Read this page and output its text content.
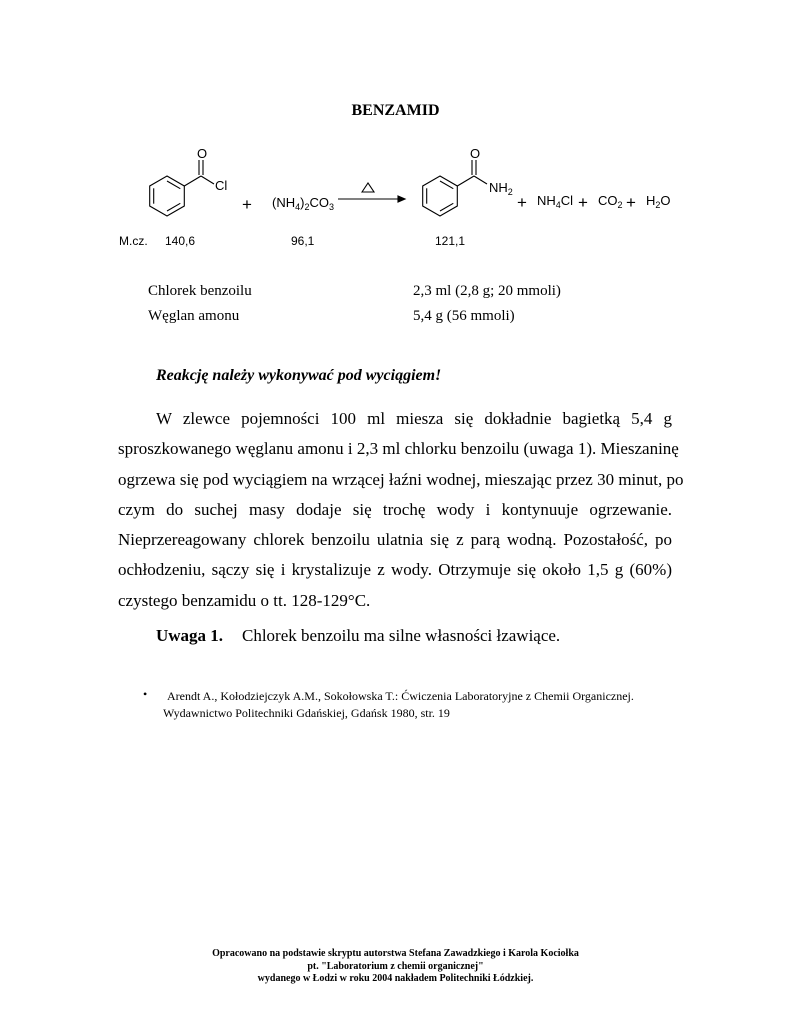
BENZAMID
O
Cl
+ $(NH_4)_2CO_3$
O
$NH_2$
+ $NH_4Cl + CO_2 + H_2O$
M.cz. 140,6	96,1	121,1
Chlorek benzoilu	2,3 ml (2,8 g; 20 mmoli)
Węglan amonu	5,4 g (56 mmoli)
Reakcję należy wykonywać pod wyciągiem!
W zlewce pojemności 100 ml miesza się dokładnie bagietką 5,4 g
sproszkowanego węglanu amonu i 2,3 ml chlorku benzoilu (uwaga 1). Mieszaninę
ogrzewa się pod wyciągiem na wrzącej łaźni wodnej, mieszając przez 30 minut, po
czym do suchej masy dodaje się trochę wody i kontynuuje ogrzewanie.
Nieprzereagowany chlorek benzoilu ulatnia się z parą wodną. Pozostałość, po
ochłodzeniu, sączy się i krystalizuje z wody. Otrzymuje się około 1,5 g (60%)
czystego benzamidu o tt. 128-129°C.
Uwaga 1. Chlorek benzoilu ma silne własności łzawiące.
•	Arendt A., Kołodziejczyk A.M., Sokołowska T.: Ćwiczenia Laboratoryjne z Chemii Organicznej.
Wydawnictwo Politechniki Gdańskiej, Gdańsk 1980, str. 19
Opracowano na podstawie skryptu autorstwa Stefana Zawadzkiego i Karola Kociołka
pt. "Laboratorium z chemii organicznej"
wydanego w Łodzi w roku 2004 nakładem Politechniki Łódzkiej.
